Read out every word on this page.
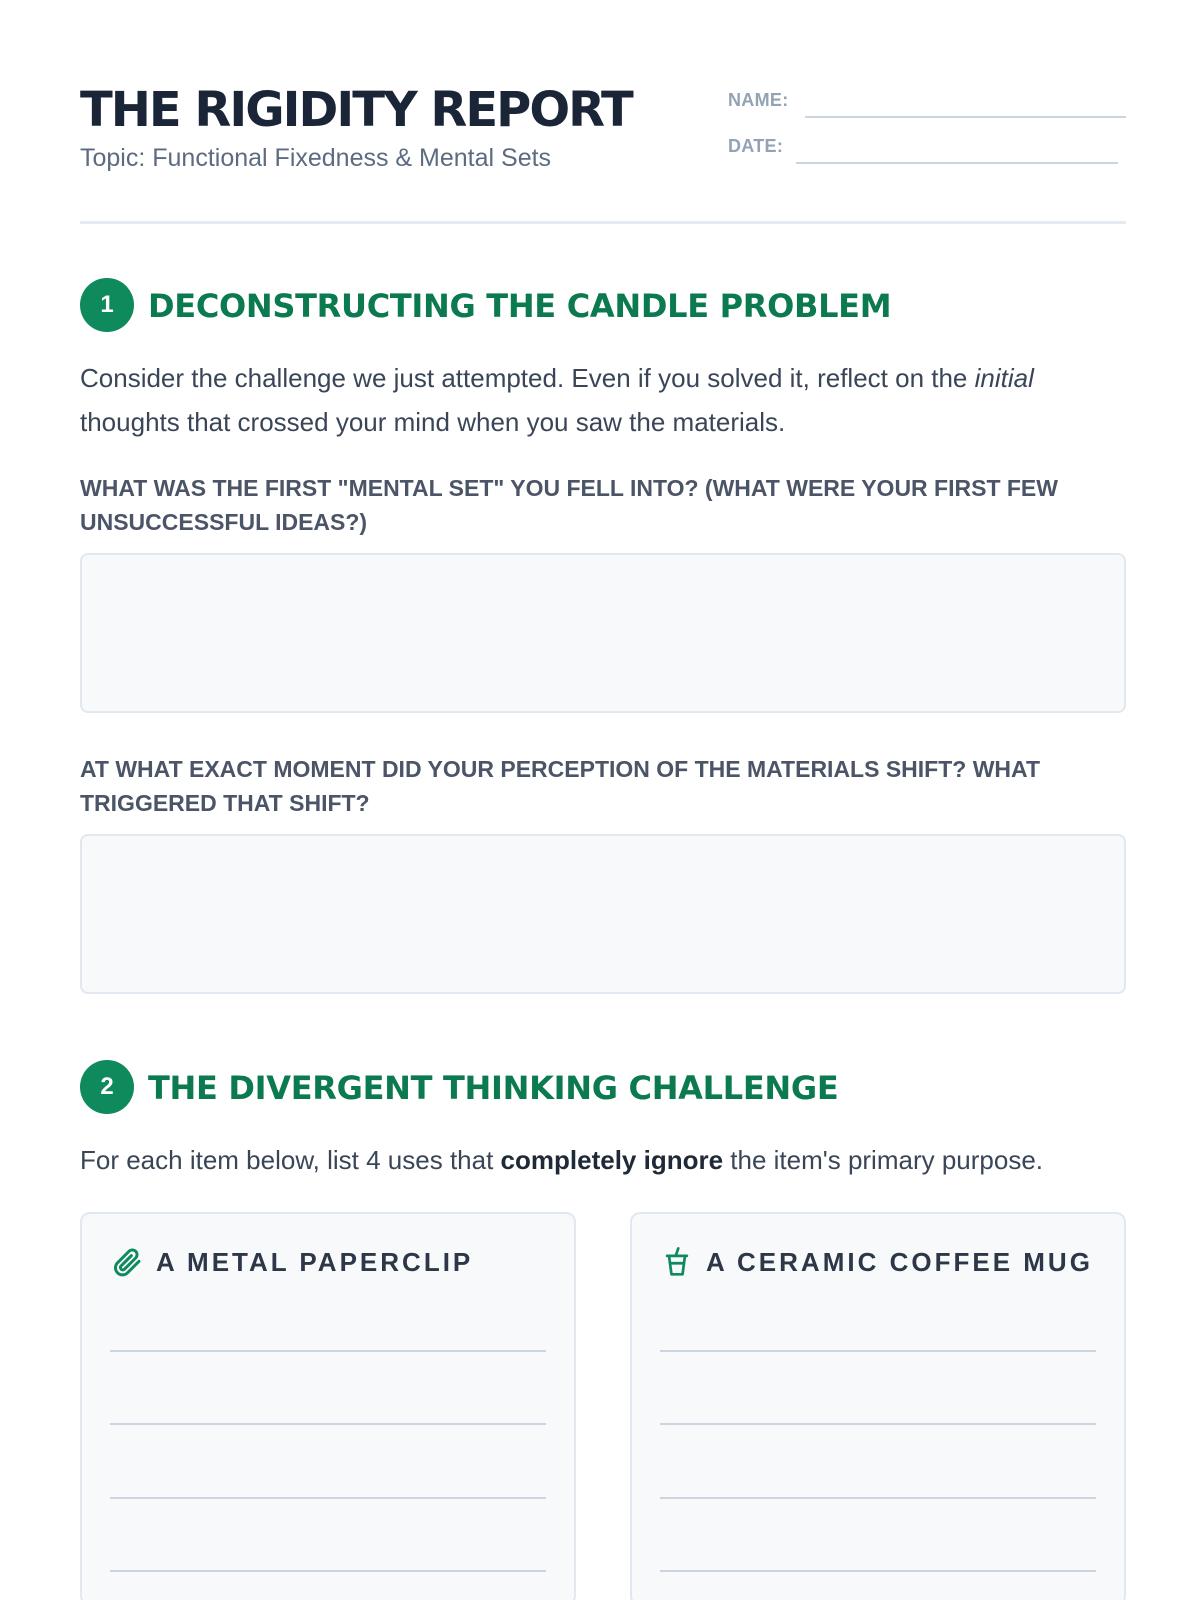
THE RIGIDITY REPORT
Topic: Functional Fixedness & Mental Sets
NAME:
DATE:
1	DECONSTRUCTING THE CANDLE PROBLEM

Consider the challenge we just attempted. Even if you solved it, reflect on the initial thoughts that crossed your mind when you saw the materials.

WHAT WAS THE FIRST "MENTAL SET" YOU FELL INTO? (WHAT WERE YOUR FIRST FEW UNSUCCESSFUL IDEAS?)
AT WHAT EXACT MOMENT DID YOUR PERCEPTION OF THE MATERIALS SHIFT? WHAT TRIGGERED THAT SHIFT?
2	THE DIVERGENT THINKING CHALLENGE

For each item below, list 4 uses that completely ignore the item's primary purpose.

A METAL PAPERCLIP	A CERAMIC COFFEE MUG
